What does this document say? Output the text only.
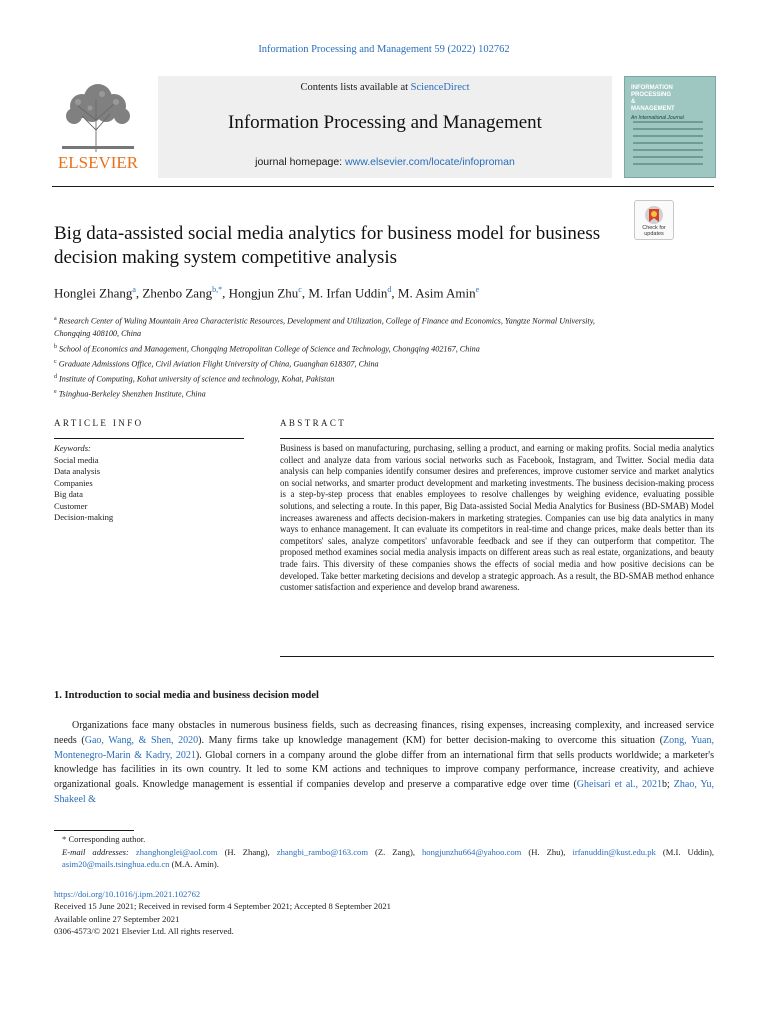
Information Processing and Management 59 (2022) 102762
ELSEVIER
Contents lists available at ScienceDirect
Information Processing and Management
journal homepage: www.elsevier.com/locate/infoproman
INFORMATION
PROCESSING
&
MANAGEMENT
An International Journal
Check for updates
Big data-assisted social media analytics for business model for business decision making system competitive analysis
Honglei Zhang$^a$, Zhenbo Zang$^{b,*}$, Hongjun Zhu$^c$, M. Irfan Uddin$^d$, M. Asim Amin$^e$
$^a$ Research Center of Wuling Mountain Area Characteristic Resources, Development and Utilization, College of Finance and Economics, Yangtze Normal University, Chongqing 408100, China
$^b$ School of Economics and Management, Chongqing Metropolitan College of Science and Technology, Chongqing 402167, China
$^c$ Graduate Admissions Office, Civil Aviation Flight University of China, Guanghan 618307, China
$^d$ Institute of Computing, Kohat university of science and technology, Kohat, Pakistan
$^e$ Tsinghua-Berkeley Shenzhen Institute, China
ARTICLE INFO	ABSTRACT
Keywords:
Social media
Data analysis
Companies
Big data
Customer
Decision-making
Business is based on manufacturing, purchasing, selling a product, and earning or making profits. Social media analytics collect and analyze data from various social networks such as Facebook, Instagram, and Twitter. Social media data analysis can help companies identify consumer desires and preferences, improve customer service and market analytics on social networks, and smarter product development and marketing investments. The business decision-making process is a step-by-step process that enables employees to resolve challenges by weighing evidence, evaluating possible solutions, and selecting a route. In this paper, Big Data-assisted Social Media Analytics for Business (BD-SMAB) Model increases awareness and affects decision-makers in marketing strategies. Companies can use big data analytics in many ways to enhance management. It can evaluate its competitors in real-time and change prices, make deals better than its competitors' sales, analyze competitors' unfavorable feedback and see if they can outperform that competitor. The proposed method examines social media analysis impacts on different areas such as real estate, organizations, and beauty trade fairs. This diversity of these companies shows the effects of social media and how positive decisions can be developed. Take better marketing decisions and develop a strategic approach. As a result, the BD-SMAB method enhance customer satisfaction and experience and develop brand awareness.
1. Introduction to social media and business decision model
Organizations face many obstacles in numerous business fields, such as decreasing finances, rising expenses, increasing complexity, and increased service needs (Gao, Wang, & Shen, 2020). Many firms take up knowledge management (KM) for better decision-making to overcome this situation (Zong, Yuan, Montenegro-Marin & Kadry, 2021). Global corners in a company around the globe differ from an international firm that sells products worldwide; a marketer's knowledge has facilities in its own country. It led to some KM actions and techniques to improve company performance, increase creativity, and achieve organizational goals. Knowledge management is essential if companies develop and preserve a comparative edge over time (Gheisari et al., 2021b; Zhao, Yu, Shakeel &
* Corresponding author.
E-mail addresses: zhanghonglei@aol.com (H. Zhang), zhangbi_rambo@163.com (Z. Zang), hongjunzhu664@yahoo.com (H. Zhu), irfanuddin@kust.edu.pk (M.I. Uddin), asim20@mails.tsinghua.edu.cn (M.A. Amin).
https://doi.org/10.1016/j.ipm.2021.102762
Received 15 June 2021; Received in revised form 4 September 2021; Accepted 8 September 2021
Available online 27 September 2021
0306-4573/© 2021 Elsevier Ltd. All rights reserved.
